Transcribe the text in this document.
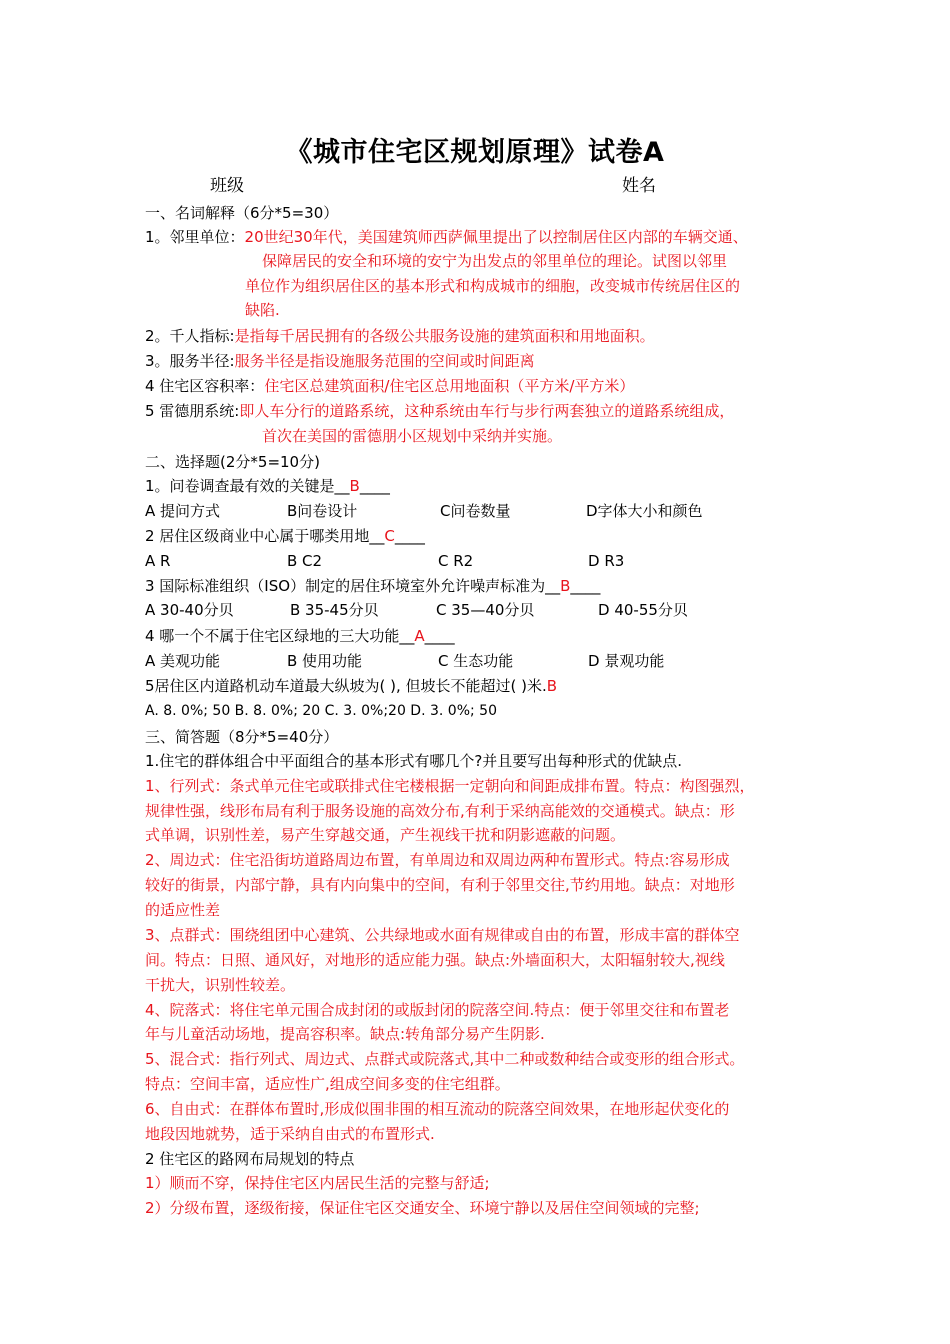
《城市住宅区规划原理》试卷A
班级	姓名
一、名词解释（6分*5=30）
1。邻里单位：20世纪30年代，美国建筑师西萨佩里提出了以控制居住区内部的车辆交通、
保障居民的安全和环境的安宁为出发点的邻里单位的理论。试图以邻里
单位作为组织居住区的基本形式和构成城市的细胞，改变城市传统居住区的
缺陷.
2。千人指标:是指每千居民拥有的各级公共服务设施的建筑面积和用地面积。
3。服务半径:服务半径是指设施服务范围的空间或时间距离
4 住宅区容积率：住宅区总建筑面积/住宅区总用地面积（平方米/平方米）
5 雷德朋系统:即人车分行的道路系统，这种系统由车行与步行两套独立的道路系统组成，
首次在美国的雷德朋小区规划中采纳并实施。
二、选择题(2分*5=10分)
1。问卷调查最有效的关键是__B____
A 提问方式	B问卷设计	C问卷数量	D字体大小和颜色
2 居住区级商业中心属于哪类用地__C____
A R	B C2	C R2	D R3
3 国际标准组织（ISO）制定的居住环境室外允许噪声标准为__B____
A 30-40分贝	B 35-45分贝	C 35—40分贝	D 40-55分贝
4 哪一个不属于住宅区绿地的三大功能__A____
A 美观功能	B 使用功能	C 生态功能	D 景观功能
5居住区内道路机动车道最大纵坡为( ), 但坡长不能超过( )米.B
A. 8. 0%; 50 B. 8. 0%; 20 C. 3. 0%;20 D. 3. 0%; 50
三、简答题（8分*5=40分）
1.住宅的群体组合中平面组合的基本形式有哪几个?并且要写出每种形式的优缺点.
1、行列式：条式单元住宅或联排式住宅楼根据一定朝向和间距成排布置。特点：构图强烈，
规律性强，线形布局有利于服务设施的高效分布,有利于采纳高能效的交通模式。缺点：形
式单调，识别性差，易产生穿越交通，产生视线干扰和阴影遮蔽的问题。
2、周边式：住宅沿街坊道路周边布置，有单周边和双周边两种布置形式。特点:容易形成
较好的街景，内部宁静，具有内向集中的空间，有利于邻里交往,节约用地。缺点：对地形
的适应性差
3、点群式：围绕组团中心建筑、公共绿地或水面有规律或自由的布置，形成丰富的群体空
间。特点：日照、通风好，对地形的适应能力强。缺点:外墙面积大，太阳辐射较大,视线
干扰大，识别性较差。
4、院落式：将住宅单元围合成封闭的或版封闭的院落空间.特点：便于邻里交往和布置老
年与儿童活动场地，提高容积率。缺点:转角部分易产生阴影.
5、混合式：指行列式、周边式、点群式或院落式,其中二种或数种结合或变形的组合形式。
特点：空间丰富，适应性广,组成空间多变的住宅组群。
6、自由式：在群体布置时,形成似围非围的相互流动的院落空间效果，在地形起伏变化的
地段因地就势，适于采纳自由式的布置形式.
2 住宅区的路网布局规划的特点
1）顺而不穿，保持住宅区内居民生活的完整与舒适;
2）分级布置，逐级衔接，保证住宅区交通安全、环境宁静以及居住空间领域的完整;
